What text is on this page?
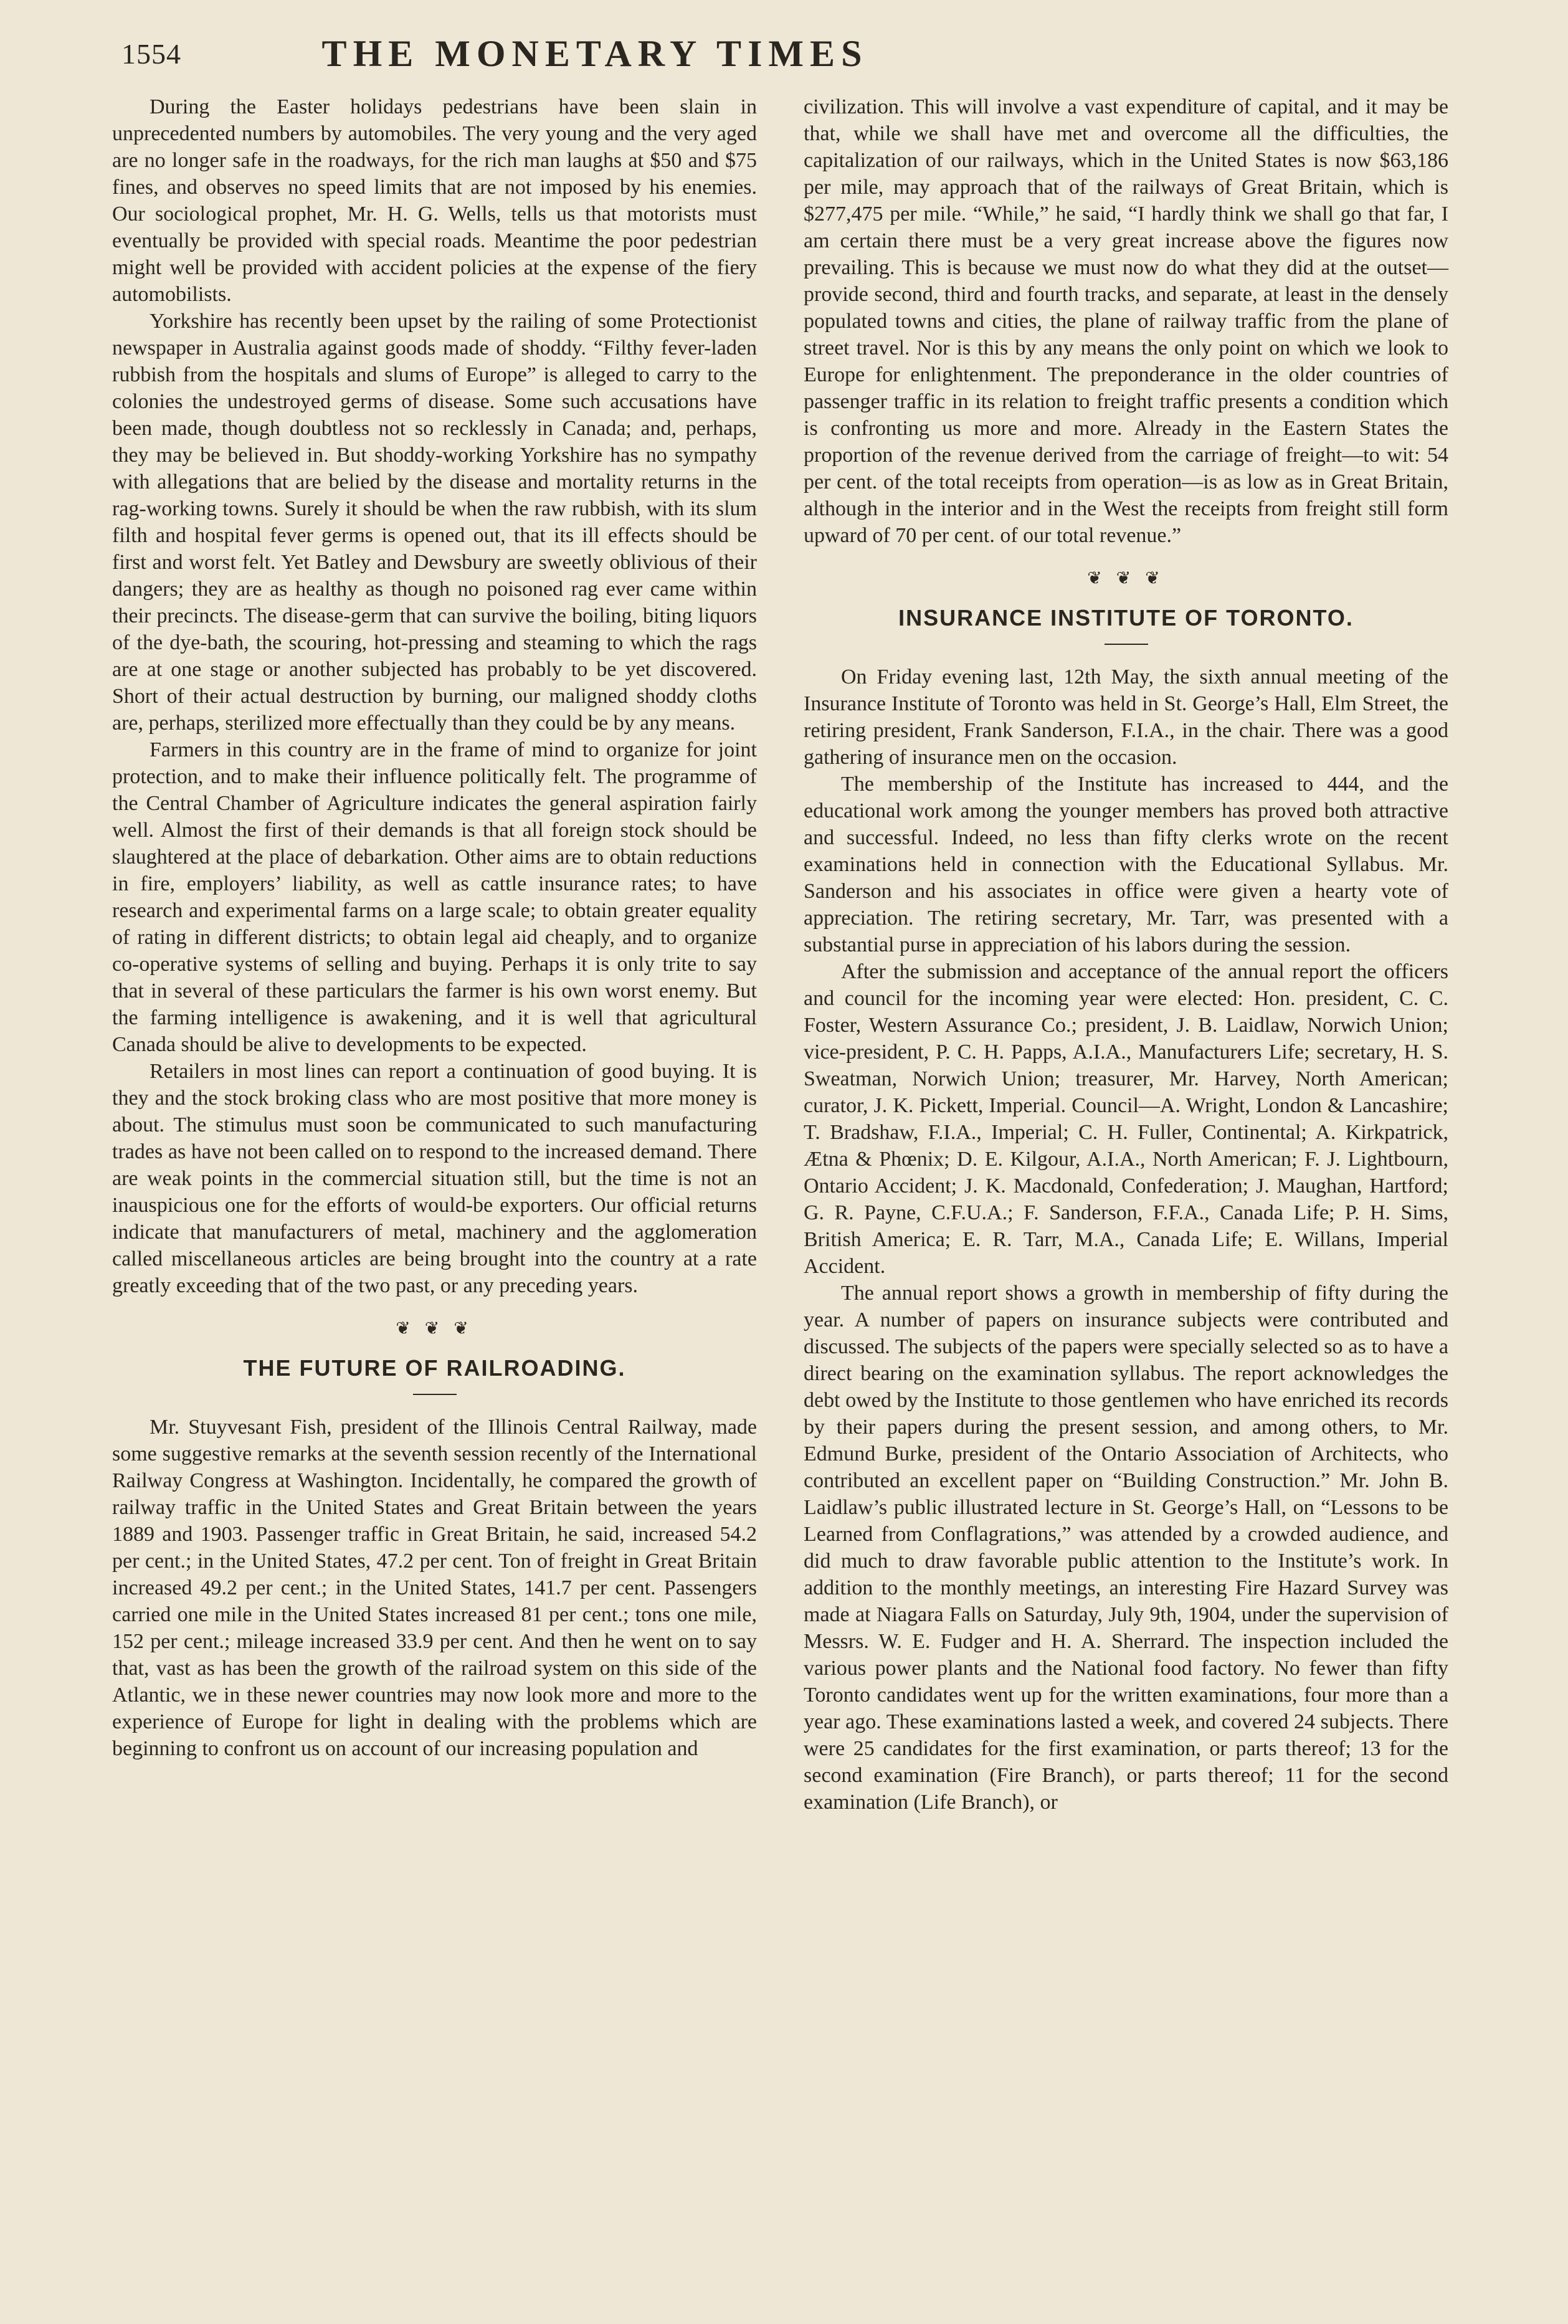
1554	THE MONETARY TIMES

During the Easter holidays pedestrians have been slain in unprecedented numbers by automobiles. The very young and the very aged are no longer safe in the roadways, for the rich man laughs at $50 and $75 fines, and observes no speed limits that are not imposed by his enemies. Our sociological prophet, Mr. H. G. Wells, tells us that motorists must eventually be provided with special roads. Meantime the poor pedestrian might well be provided with accident policies at the expense of the fiery automobilists.

Yorkshire has recently been upset by the railing of some Protectionist newspaper in Australia against goods made of shoddy. “Filthy fever-laden rubbish from the hospitals and slums of Europe” is alleged to carry to the colonies the undestroyed germs of disease. Some such accusations have been made, though doubtless not so recklessly in Canada; and, perhaps, they may be believed in. But shoddy-working Yorkshire has no sympathy with allegations that are belied by the disease and mortality returns in the rag-working towns. Surely it should be when the raw rubbish, with its slum filth and hospital fever germs is opened out, that its ill effects should be first and worst felt. Yet Batley and Dewsbury are sweetly oblivious of their dangers; they are as healthy as though no poisoned rag ever came within their precincts. The disease-germ that can survive the boiling, biting liquors of the dye-bath, the scouring, hot-pressing and steaming to which the rags are at one stage or another subjected has probably to be yet discovered. Short of their actual destruction by burning, our maligned shoddy cloths are, perhaps, sterilized more effectually than they could be by any means.

Farmers in this country are in the frame of mind to organize for joint protection, and to make their influence politically felt. The programme of the Central Chamber of Agriculture indicates the general aspiration fairly well. Almost the first of their demands is that all foreign stock should be slaughtered at the place of debarkation. Other aims are to obtain reductions in fire, employers’ liability, as well as cattle insurance rates; to have research and experimental farms on a large scale; to obtain greater equality of rating in different districts; to obtain legal aid cheaply, and to organize co-operative systems of selling and buying. Perhaps it is only trite to say that in several of these particulars the farmer is his own worst enemy. But the farming intelligence is awakening, and it is well that agricultural Canada should be alive to developments to be expected.

Retailers in most lines can report a continuation of good buying. It is they and the stock broking class who are most positive that more money is about. The stimulus must soon be communicated to such manufacturing trades as have not been called on to respond to the increased demand. There are weak points in the commercial situation still, but the time is not an inauspicious one for the efforts of would-be exporters. Our official returns indicate that manufacturers of metal, machinery and the agglomeration called miscellaneous articles are being brought into the country at a rate greatly exceeding that of the two past, or any preceding years.

❦ ❦ ❦
THE FUTURE OF RAILROADING.

Mr. Stuyvesant Fish, president of the Illinois Central Railway, made some suggestive remarks at the seventh session recently of the International Railway Congress at Washington. Incidentally, he compared the growth of railway traffic in the United States and Great Britain between the years 1889 and 1903. Passenger traffic in Great Britain, he said, increased 54.2 per cent.; in the United States, 47.2 per cent. Ton of freight in Great Britain increased 49.2 per cent.; in the United States, 141.7 per cent. Passengers carried one mile in the United States increased 81 per cent.; tons one mile, 152 per cent.; mileage increased 33.9 per cent. And then he went on to say that, vast as has been the growth of the railroad system on this side of the Atlantic, we in these newer countries may now look more and more to the experience of Europe for light in dealing with the problems which are beginning to confront us on account of our increasing population and

civilization. This will involve a vast expenditure of capital, and it may be that, while we shall have met and overcome all the difficulties, the capitalization of our railways, which in the United States is now $63,186 per mile, may approach that of the railways of Great Britain, which is $277,475 per mile. “While,” he said, “I hardly think we shall go that far, I am certain there must be a very great increase above the figures now prevailing. This is because we must now do what they did at the outset—provide second, third and fourth tracks, and separate, at least in the densely populated towns and cities, the plane of railway traffic from the plane of street travel. Nor is this by any means the only point on which we look to Europe for enlightenment. The preponderance in the older countries of passenger traffic in its relation to freight traffic presents a condition which is confronting us more and more. Already in the Eastern States the proportion of the revenue derived from the carriage of freight—to wit: 54 per cent. of the total receipts from operation—is as low as in Great Britain, although in the interior and in the West the receipts from freight still form upward of 70 per cent. of our total revenue.”

❦ ❦ ❦
INSURANCE INSTITUTE OF TORONTO.

On Friday evening last, 12th May, the sixth annual meeting of the Insurance Institute of Toronto was held in St. George’s Hall, Elm Street, the retiring president, Frank Sanderson, F.I.A., in the chair. There was a good gathering of insurance men on the occasion.

The membership of the Institute has increased to 444, and the educational work among the younger members has proved both attractive and successful. Indeed, no less than fifty clerks wrote on the recent examinations held in connection with the Educational Syllabus. Mr. Sanderson and his associates in office were given a hearty vote of appreciation. The retiring secretary, Mr. Tarr, was presented with a substantial purse in appreciation of his labors during the session.

After the submission and acceptance of the annual report the officers and council for the incoming year were elected: Hon. president, C. C. Foster, Western Assurance Co.; president, J. B. Laidlaw, Norwich Union; vice-president, P. C. H. Papps, A.I.A., Manufacturers Life; secretary, H. S. Sweatman, Norwich Union; treasurer, Mr. Harvey, North American; curator, J. K. Pickett, Imperial. Council—A. Wright, London & Lancashire; T. Bradshaw, F.I.A., Imperial; C. H. Fuller, Continental; A. Kirkpatrick, Ætna & Phœnix; D. E. Kilgour, A.I.A., North American; F. J. Lightbourn, Ontario Accident; J. K. Macdonald, Confederation; J. Maughan, Hartford; G. R. Payne, C.F.U.A.; F. Sanderson, F.F.A., Canada Life; P. H. Sims, British America; E. R. Tarr, M.A., Canada Life; E. Willans, Imperial Accident.

The annual report shows a growth in membership of fifty during the year. A number of papers on insurance subjects were contributed and discussed. The subjects of the papers were specially selected so as to have a direct bearing on the examination syllabus. The report acknowledges the debt owed by the Institute to those gentlemen who have enriched its records by their papers during the present session, and among others, to Mr. Edmund Burke, president of the Ontario Association of Architects, who contributed an excellent paper on “Building Construction.” Mr. John B. Laidlaw’s public illustrated lecture in St. George’s Hall, on “Lessons to be Learned from Conflagrations,” was attended by a crowded audience, and did much to draw favorable public attention to the Institute’s work. In addition to the monthly meetings, an interesting Fire Hazard Survey was made at Niagara Falls on Saturday, July 9th, 1904, under the supervision of Messrs. W. E. Fudger and H. A. Sherrard. The inspection included the various power plants and the National food factory. No fewer than fifty Toronto candidates went up for the written examinations, four more than a year ago. These examinations lasted a week, and covered 24 subjects. There were 25 candidates for the first examination, or parts thereof; 13 for the second examination (Fire Branch), or parts thereof; 11 for the second examination (Life Branch), or
